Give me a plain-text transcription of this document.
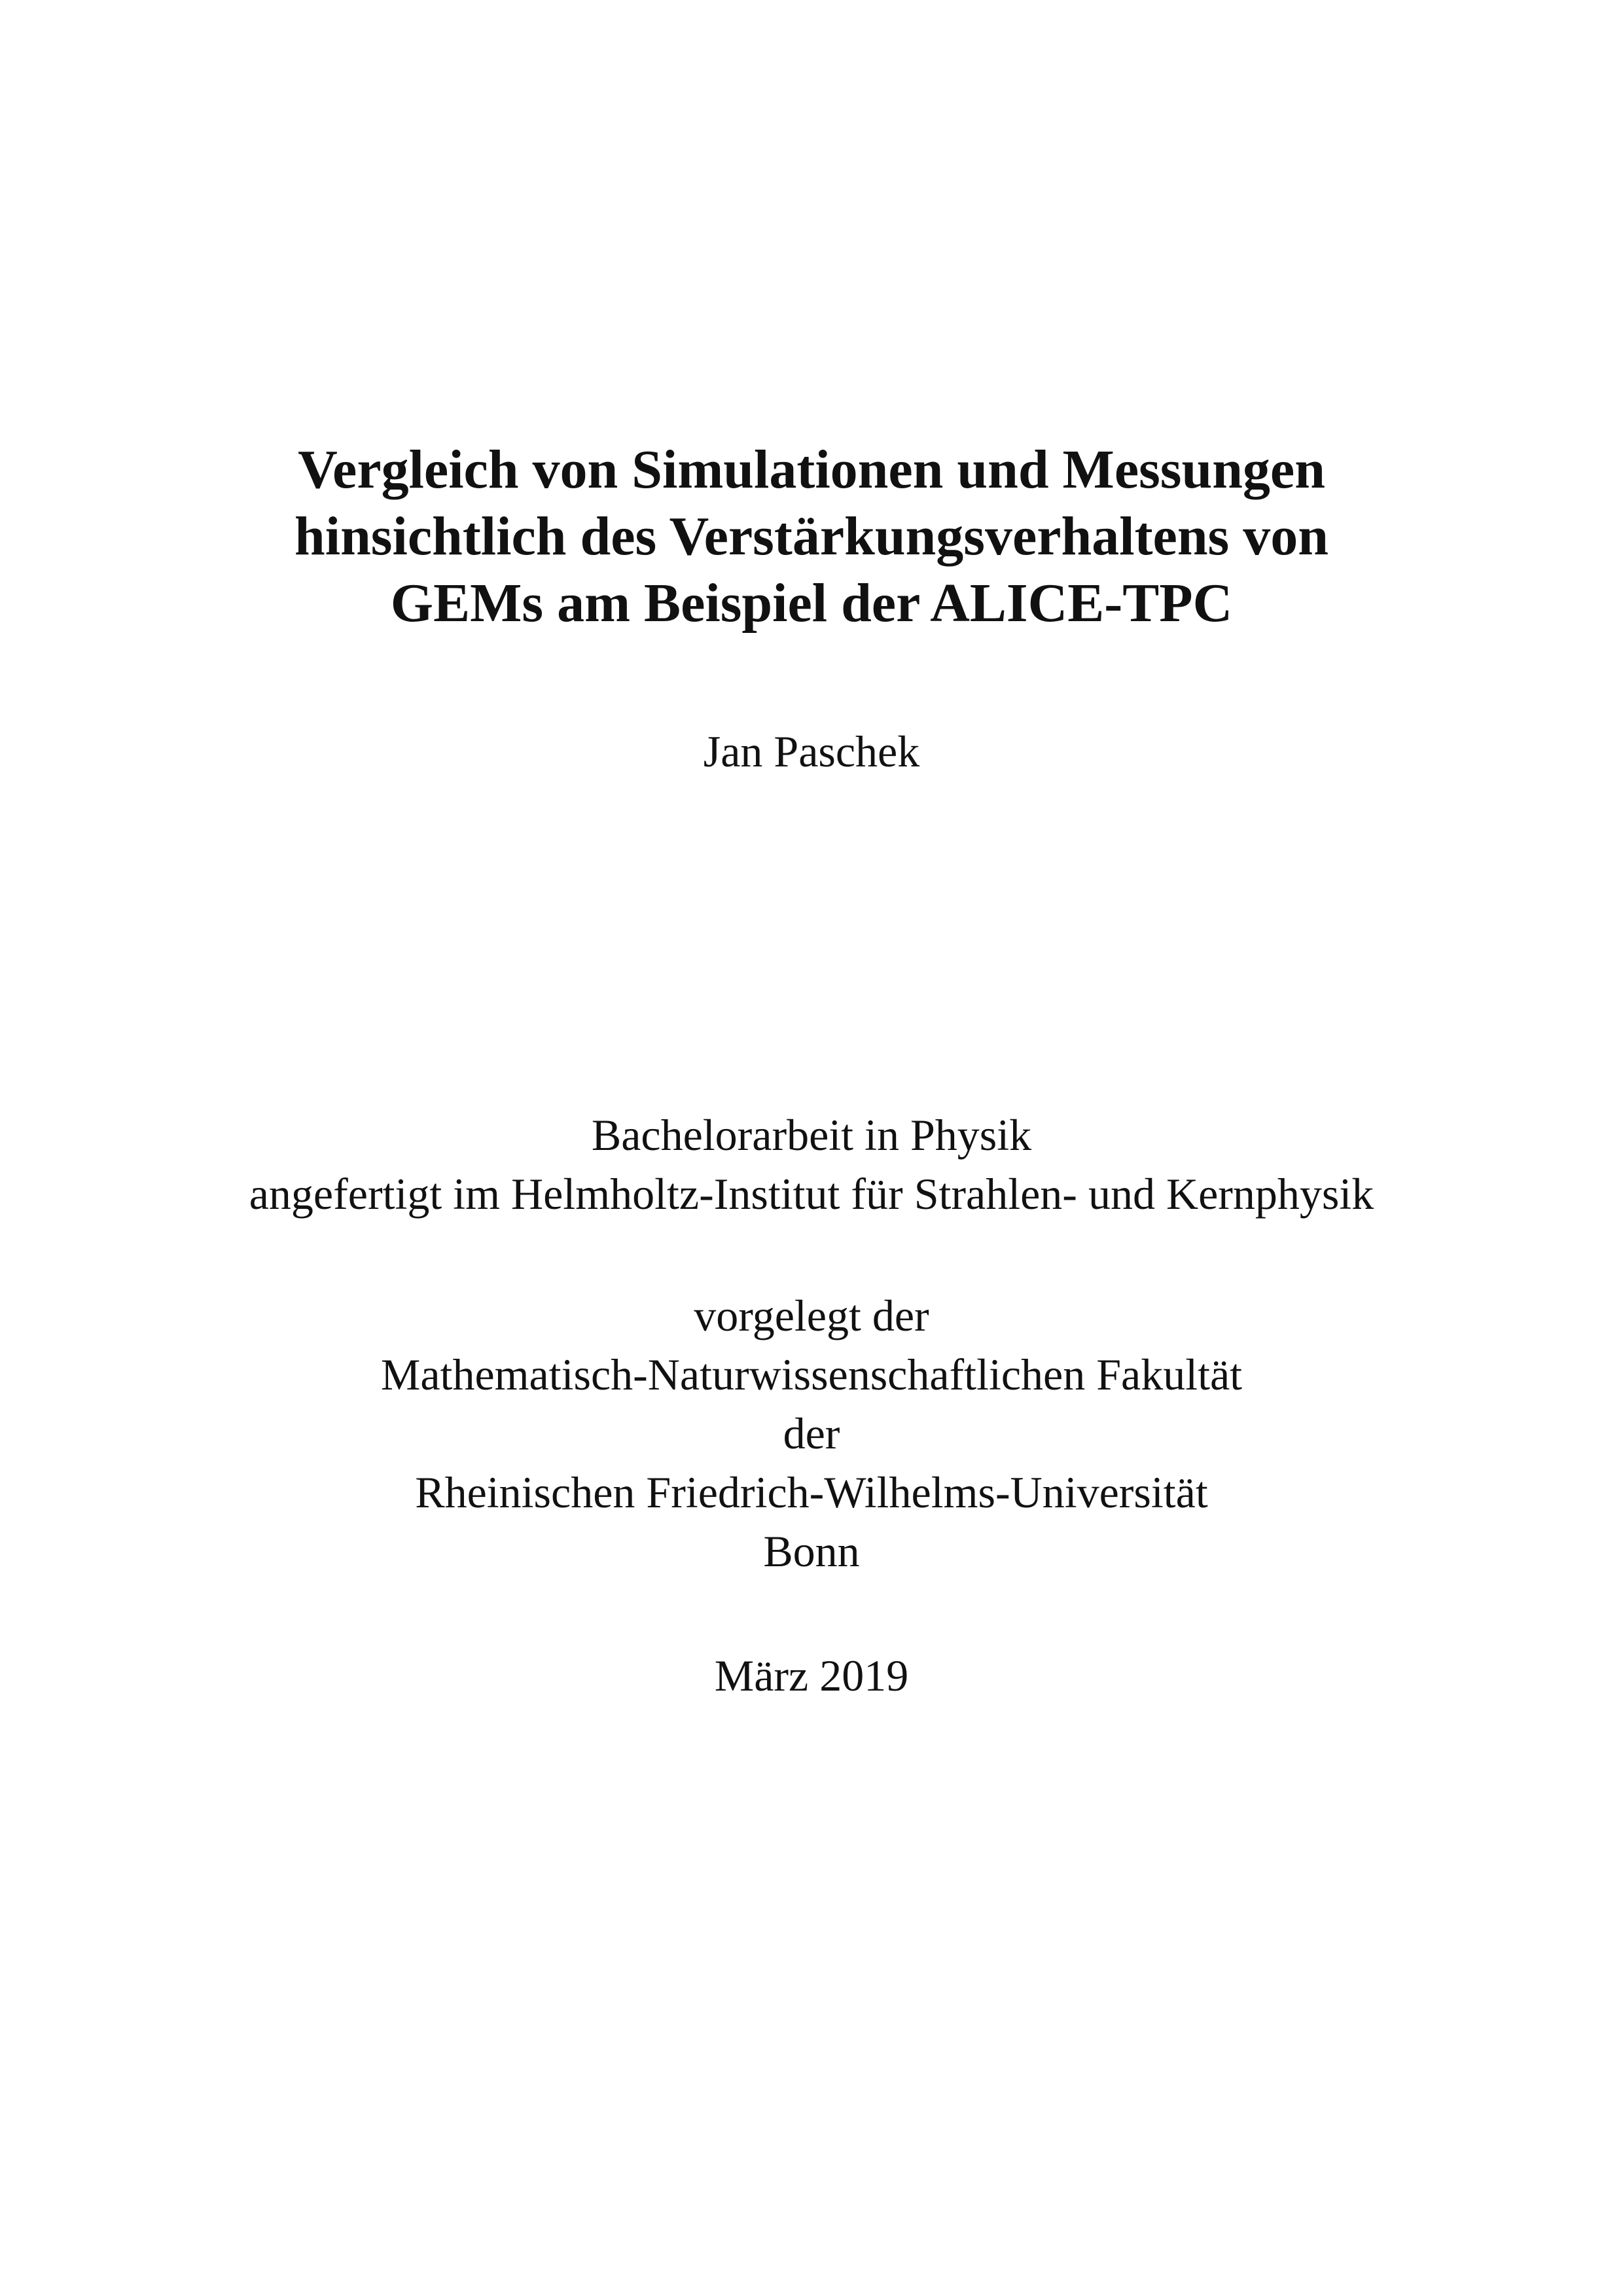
Vergleich von Simulationen und Messungen
hinsichtlich des Verstärkungsverhaltens von
GEMs am Beispiel der ALICE-TPC
Jan Paschek
Bachelorarbeit in Physik
angefertigt im Helmholtz-Institut für Strahlen- und Kernphysik
vorgelegt der
Mathematisch-Naturwissenschaftlichen Fakultät
der
Rheinischen Friedrich-Wilhelms-Universität
Bonn
März 2019
